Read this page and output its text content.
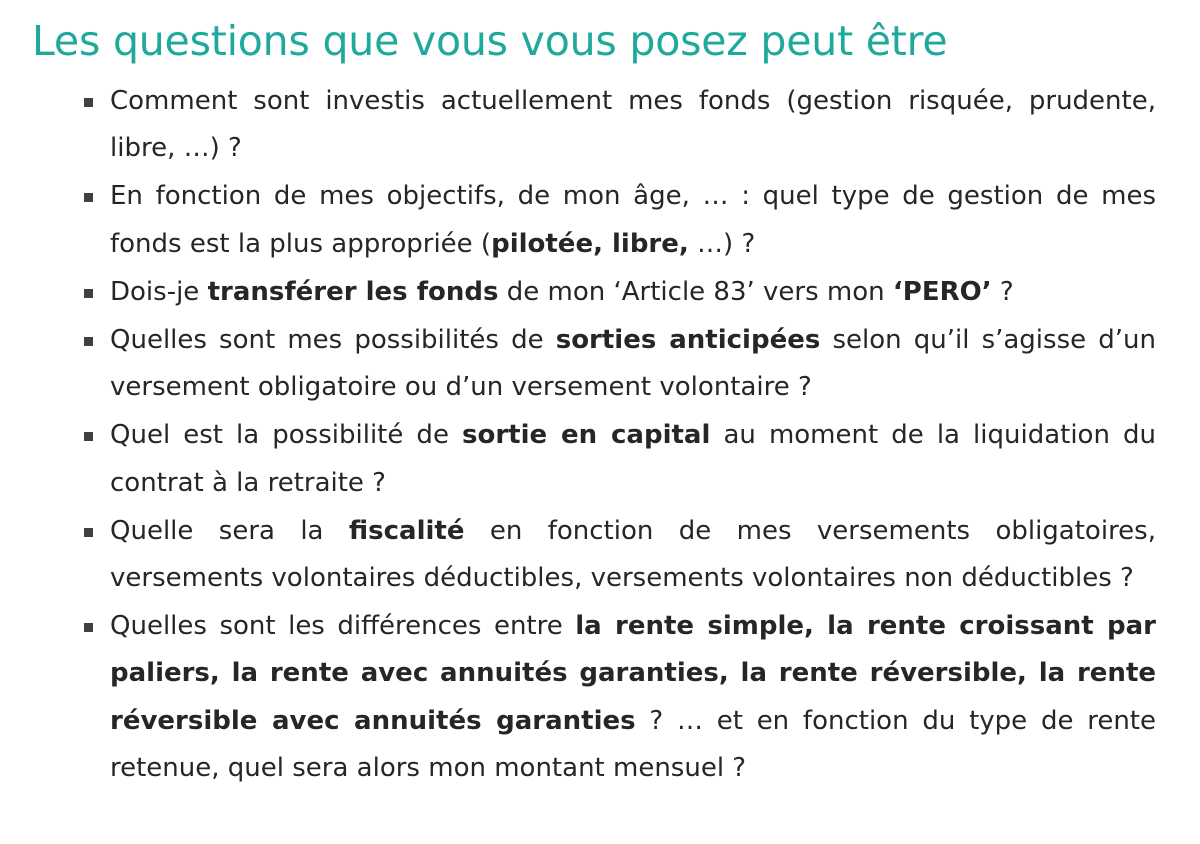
Les questions que vous vous posez peut être
Comment sont investis actuellement mes fonds (gestion risquée, prudente, libre, …) ?
En fonction de mes objectifs, de mon âge, … : quel type de gestion de mes fonds est la plus appropriée (pilotée, libre, …) ?
Dois-je transférer les fonds de mon ‘Article 83’ vers mon ‘PERO’ ?
Quelles sont mes possibilités de sorties anticipées selon qu’il s’agisse d’un versement obligatoire ou d’un versement volontaire ?
Quel est la possibilité de sortie en capital au moment de la liquidation du contrat à la retraite ?
Quelle sera la fiscalité en fonction de mes versements obligatoires, versements volontaires déductibles, versements volontaires non déductibles ?
Quelles sont les différences entre la rente simple, la rente croissant par paliers, la rente avec annuités garanties, la rente réversible, la rente réversible avec annuités garanties ? … et en fonction du type de rente retenue, quel sera alors mon montant mensuel ?
